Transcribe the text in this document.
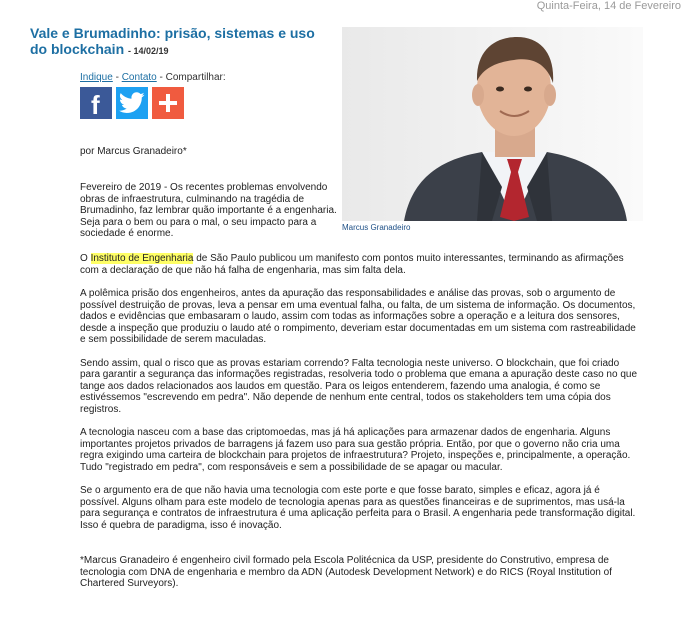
Quinta-Feira, 14 de Fevereiro
Vale e Brumadinho: prisão, sistemas e uso do blockchain - 14/02/19
Indique - Contato - Compartilhar:
f
por Marcus Granadeiro*
Fevereiro de 2019 - Os recentes problemas envolvendo obras de infraestrutura, culminando na tragédia de Brumadinho, faz lembrar quão importante é a engenharia. Seja para o bem ou para o mal, o seu impacto para a sociedade é enorme.
Marcus Granadeiro

O Instituto de Engenharia de São Paulo publicou um manifesto com pontos muito interessantes, terminando as afirmações com a declaração de que não há falha de engenharia, mas sim falta dela.

A polêmica prisão dos engenheiros, antes da apuração das responsabilidades e análise das provas, sob o argumento de possível destruição de provas, leva a pensar em uma eventual falha, ou falta, de um sistema de informação. Os documentos, dados e evidências que embasaram o laudo, assim com todas as informações sobre a operação e a leitura dos sensores, desde a inspeção que produziu o laudo até o rompimento, deveriam estar documentadas em um sistema com rastreabilidade e sem possibilidade de serem maculadas.

Sendo assim, qual o risco que as provas estariam correndo? Falta tecnologia neste universo. O blockchain, que foi criado para garantir a segurança das informações registradas, resolveria todo o problema que emana a apuração deste caso no que tange aos dados relacionados aos laudos em questão. Para os leigos entenderem, fazendo uma analogia, é como se estivéssemos "escrevendo em pedra". Não depende de nenhum ente central, todos os stakeholders tem uma cópia dos registros.

A tecnologia nasceu com a base das criptomoedas, mas já há aplicações para armazenar dados de engenharia. Alguns importantes projetos privados de barragens já fazem uso para sua gestão própria. Então, por que o governo não cria uma regra exigindo uma carteira de blockchain para projetos de infraestrutura? Projeto, inspeções e, principalmente, a operação. Tudo "registrado em pedra", com responsáveis e sem a possibilidade de se apagar ou macular.

Se o argumento era de que não havia uma tecnologia com este porte e que fosse barato, simples e eficaz, agora já é possível. Alguns olham para este modelo de tecnologia apenas para as questões financeiras e de suprimentos, mas usá-la para segurança e contratos de infraestrutura é uma aplicação perfeita para o Brasil. A engenharia pede transformação digital. Isso é quebra de paradigma, isso é inovação.

*Marcus Granadeiro é engenheiro civil formado pela Escola Politécnica da USP, presidente do Construtivo, empresa de tecnologia com DNA de engenharia e membro da ADN (Autodesk Development Network) e do RICS (Royal Institution of Chartered Surveyors).
